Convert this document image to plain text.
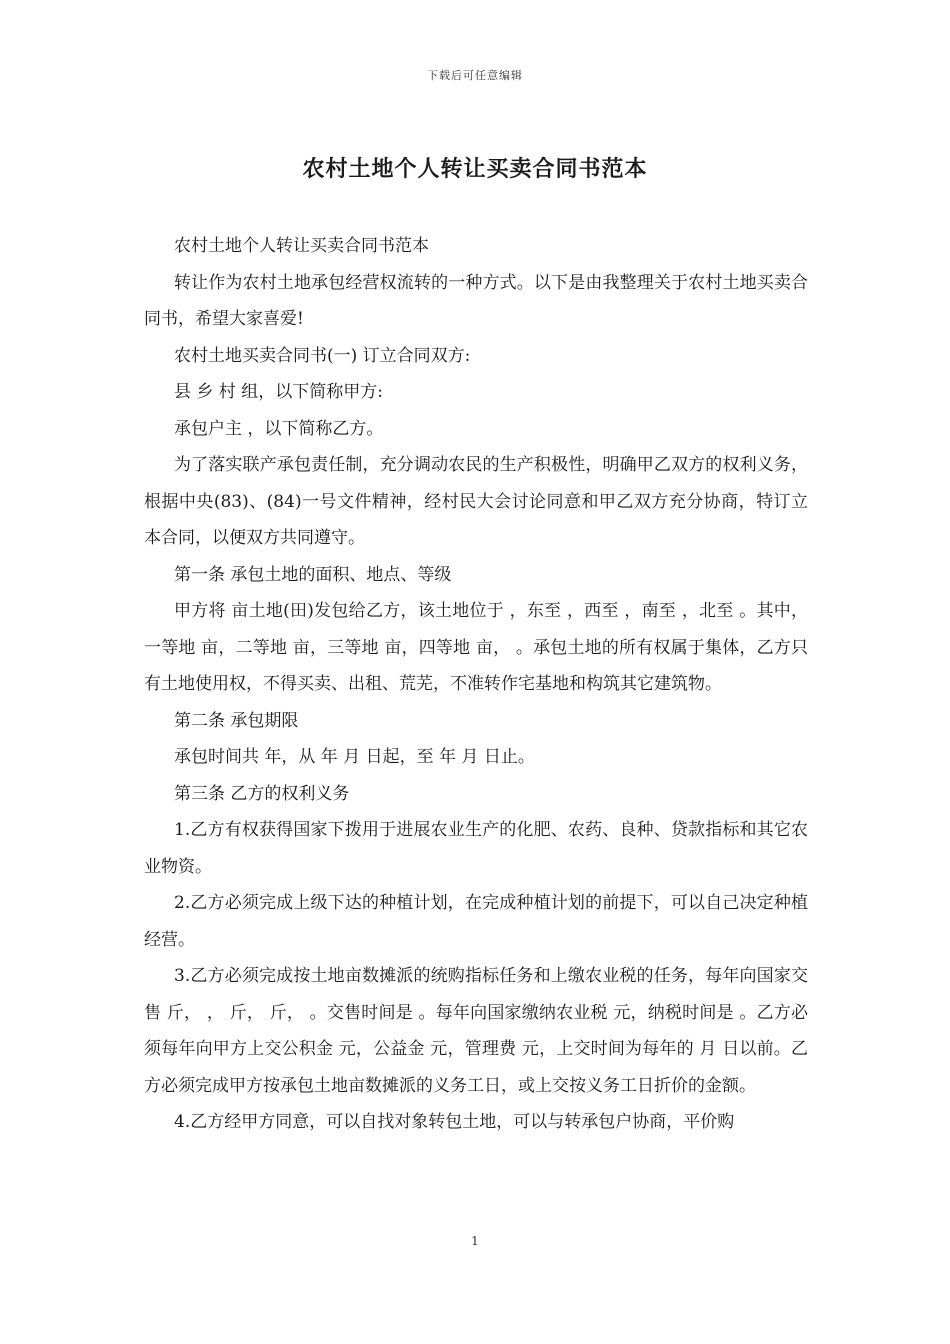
下载后可任意编辑
农村土地个人转让买卖合同书范本

农村土地个人转让买卖合同书范本

转让作为农村土地承包经营权流转的一种方式。以下是由我整理关于农村土地买卖合同书，希望大家喜爱!

农村土地买卖合同书(一) 订立合同双方:

县 乡 村 组，以下简称甲方:

承包户主 ，以下简称乙方。

为了落实联产承包责任制，充分调动农民的生产积极性，明确甲乙双方的权利义务，根据中央(83)、(84)一号文件精神，经村民大会讨论同意和甲乙双方充分协商，特订立本合同，以便双方共同遵守。

第一条 承包土地的面积、地点、等级

甲方将 亩土地(田)发包给乙方，该土地位于 ，东至 ，西至 ，南至 ，北至 。其中，一等地 亩，二等地 亩，三等地 亩，四等地 亩， 。承包土地的所有权属于集体，乙方只有土地使用权，不得买卖、出租、荒芜，不准转作宅基地和构筑其它建筑物。

第二条 承包期限

承包时间共 年，从 年 月 日起，至 年 月 日止。

第三条 乙方的权利义务

1.乙方有权获得国家下拨用于进展农业生产的化肥、农药、良种、贷款指标和其它农业物资。

2.乙方必须完成上级下达的种植计划，在完成种植计划的前提下，可以自己决定种植经营。

3.乙方必须完成按土地亩数摊派的统购指标任务和上缴农业税的任务，每年向国家交售 斤， ， 斤， 斤， 。交售时间是 。每年向国家缴纳农业税 元，纳税时间是 。乙方必须每年向甲方上交公积金 元，公益金 元，管理费 元，上交时间为每年的 月 日以前。乙方必须完成甲方按承包土地亩数摊派的义务工日，或上交按义务工日折价的金额。

4.乙方经甲方同意，可以自找对象转包土地，可以与转承包户协商，平价购

1
